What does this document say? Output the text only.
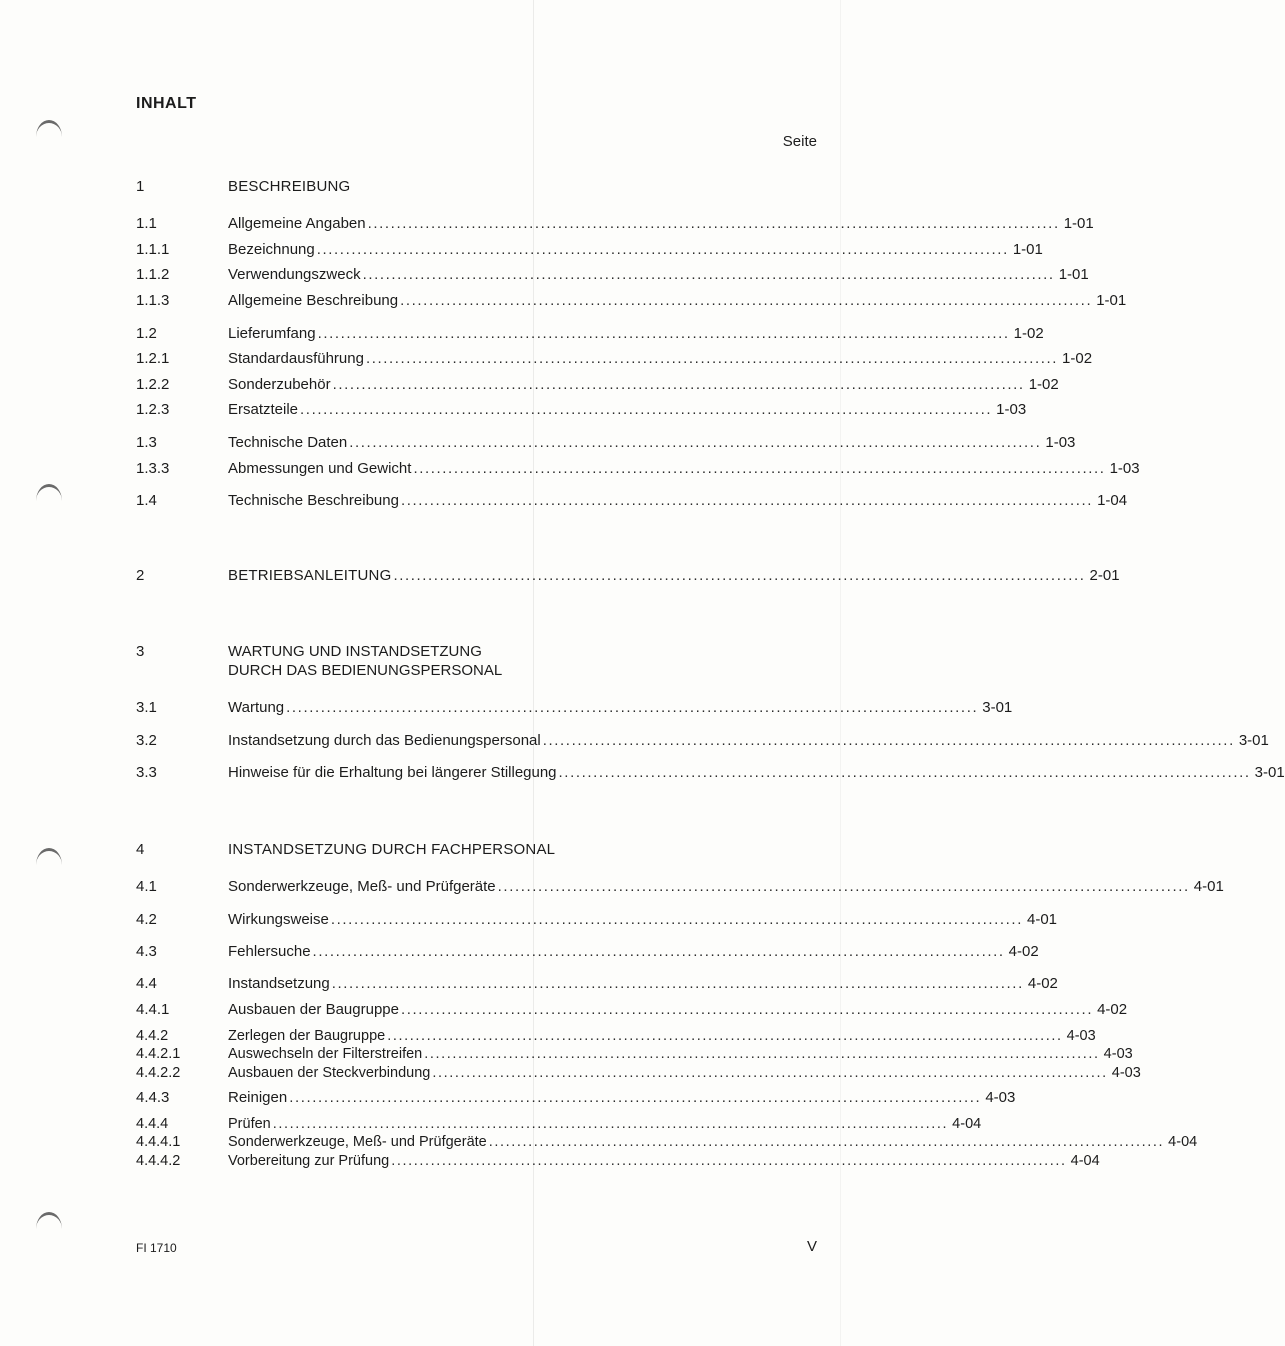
INHALT
Seite
1	BESCHREIBUNG
1.1	Allgemeine Angaben ........................................................................................................................ 1-01
1.1.1	Bezeichnung ........................................................................................................................ 1-01
1.1.2	Verwendungszweck ........................................................................................................................ 1-01
1.1.3	Allgemeine Beschreibung ........................................................................................................................ 1-01
1.2	Lieferumfang ........................................................................................................................ 1-02
1.2.1	Standardausführung ........................................................................................................................ 1-02
1.2.2	Sonderzubehör ........................................................................................................................ 1-02
1.2.3	Ersatzteile ........................................................................................................................ 1-03
1.3	Technische Daten ........................................................................................................................ 1-03
1.3.3	Abmessungen und Gewicht ........................................................................................................................ 1-03
1.4	Technische Beschreibung ........................................................................................................................ 1-04
2	BETRIEBSANLEITUNG ........................................................................................................................ 2-01
3	WARTUNG UND INSTANDSETZUNG
DURCH DAS BEDIENUNGSPERSONAL
3.1	Wartung ........................................................................................................................ 3-01
3.2	Instandsetzung durch das Bedienungspersonal ........................................................................................................................ 3-01
3.3	Hinweise für die Erhaltung bei längerer Stillegung ........................................................................................................................ 3-01
4	INSTANDSETZUNG DURCH FACHPERSONAL
4.1	Sonderwerkzeuge, Meß- und Prüfgeräte ........................................................................................................................ 4-01
4.2	Wirkungsweise ........................................................................................................................ 4-01
4.3	Fehlersuche ........................................................................................................................ 4-02
4.4	Instandsetzung ........................................................................................................................ 4-02
4.4.1	Ausbauen der Baugruppe ........................................................................................................................ 4-02
4.4.2	Zerlegen der Baugruppe ........................................................................................................................ 4-03
4.4.2.1	Auswechseln der Filterstreifen ........................................................................................................................ 4-03
4.4.2.2	Ausbauen der Steckverbindung ........................................................................................................................ 4-03
4.4.3	Reinigen ........................................................................................................................ 4-03
4.4.4	Prüfen ........................................................................................................................ 4-04
4.4.4.1	Sonderwerkzeuge, Meß- und Prüfgeräte ........................................................................................................................ 4-04
4.4.4.2	Vorbereitung zur Prüfung ........................................................................................................................ 4-04
FI 1710	V
